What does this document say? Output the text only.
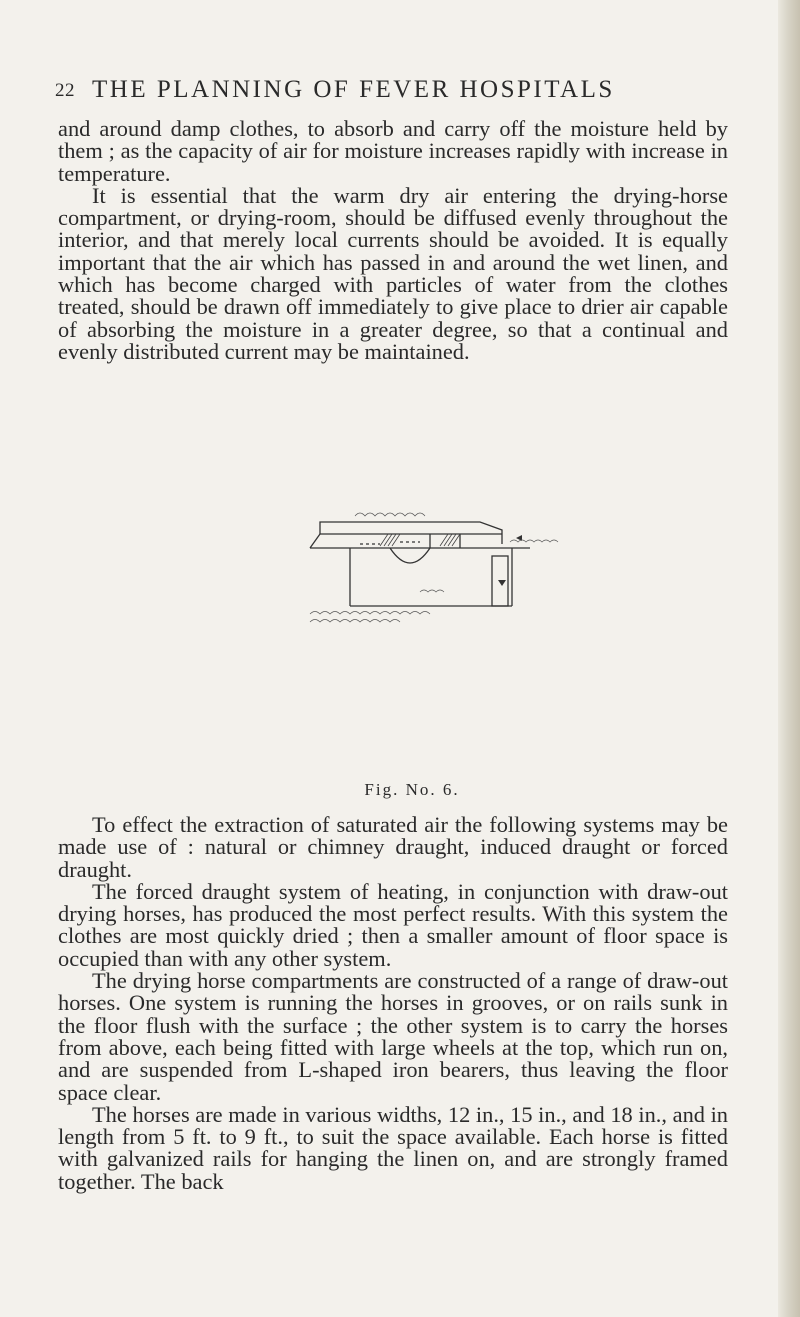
22 THE PLANNING OF FEVER HOSPITALS

and around damp clothes, to absorb and carry off the moisture held by them ; as the capacity of air for moisture increases rapidly with increase in temperature.

It is essential that the warm dry air entering the drying-horse compartment, or drying-room, should be diffused evenly throughout the interior, and that merely local currents should be avoided. It is equally important that the air which has passed in and around the wet linen, and which has become charged with particles of water from the clothes treated, should be drawn off immediately to give place to drier air capable of absorbing the moisture in a greater degree, so that a continual and evenly distributed current may be maintained.

Fig. No. 6.

To effect the extraction of saturated air the following systems may be made use of : natural or chimney draught, induced draught or forced draught.

The forced draught system of heating, in conjunction with draw-out drying horses, has produced the most perfect results. With this system the clothes are most quickly dried ; then a smaller amount of floor space is occupied than with any other system.

The drying horse compartments are constructed of a range of draw-out horses. One system is running the horses in grooves, or on rails sunk in the floor flush with the surface ; the other system is to carry the horses from above, each being fitted with large wheels at the top, which run on, and are suspended from L-shaped iron bearers, thus leaving the floor space clear.

The horses are made in various widths, 12 in., 15 in., and 18 in., and in length from 5 ft. to 9 ft., to suit the space available. Each horse is fitted with galvanized rails for hanging the linen on, and are strongly framed together. The back
